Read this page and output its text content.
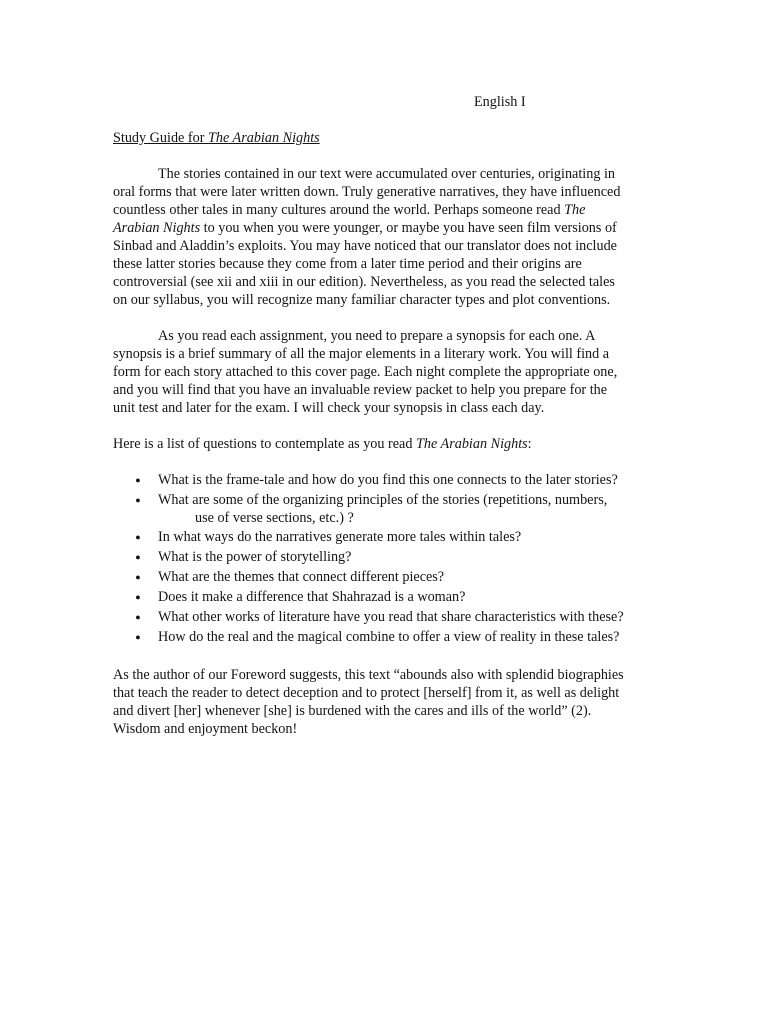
English I
Study Guide for The Arabian Nights
The stories contained in our text were accumulated over centuries, originating in
oral forms that were later written down. Truly generative narratives, they have influenced
countless other tales in many cultures around the world. Perhaps someone read The
Arabian Nights to you when you were younger, or maybe you have seen film versions of
Sinbad and Aladdin’s exploits. You may have noticed that our translator does not include
these latter stories because they come from a later time period and their origins are
controversial (see xii and xiii in our edition). Nevertheless, as you read the selected tales
on our syllabus, you will recognize many familiar character types and plot conventions.
As you read each assignment, you need to prepare a synopsis for each one. A
synopsis is a brief summary of all the major elements in a literary work. You will find a
form for each story attached to this cover page. Each night complete the appropriate one,
and you will find that you have an invaluable review packet to help you prepare for the
unit test and later for the exam. I will check your synopsis in class each day.
Here is a list of questions to contemplate as you read The Arabian Nights:
● What is the frame-tale and how do you find this one connects to the later stories?
● What are some of the organizing principles of the stories (repetitions, numbers,
use of verse sections, etc.) ?
● In what ways do the narratives generate more tales within tales?
● What is the power of storytelling?
● What are the themes that connect different pieces?
● Does it make a difference that Shahrazad is a woman?
● What other works of literature have you read that share characteristics with these?
● How do the real and the magical combine to offer a view of reality in these tales?
As the author of our Foreword suggests, this text “abounds also with splendid biographies
that teach the reader to detect deception and to protect [herself] from it, as well as delight
and divert [her] whenever [she] is burdened with the cares and ills of the world” (2).
Wisdom and enjoyment beckon!
